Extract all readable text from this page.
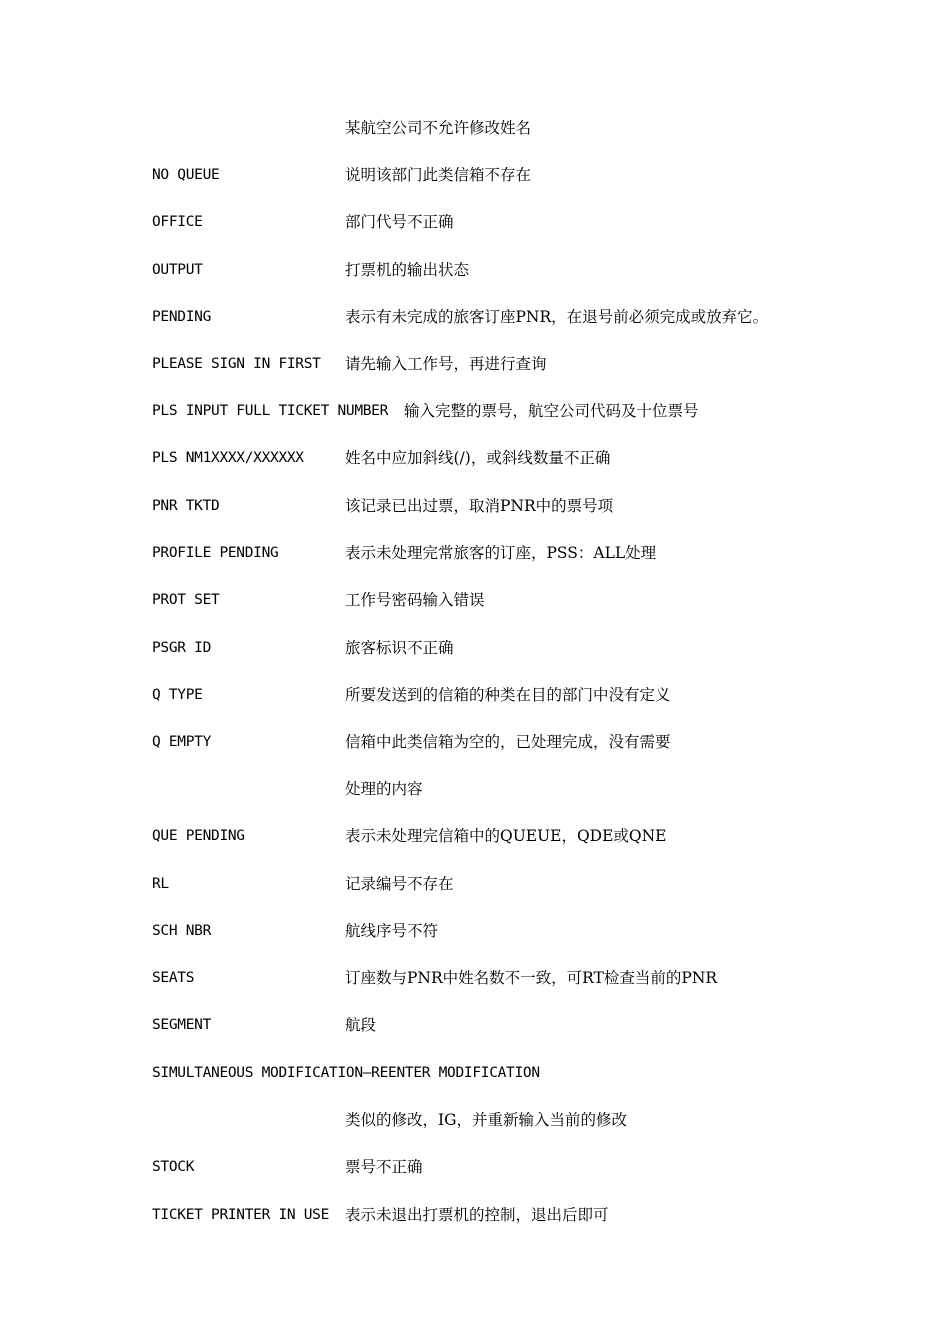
某航空公司不允许修改姓名
NO QUEUE	说明该部门此类信箱不存在
OFFICE	部门代号不正确
OUTPUT	打票机的输出状态
PENDING	表示有未完成的旅客订座PNR，在退号前必须完成或放弃它。
PLEASE SIGN IN FIRST 请先输入工作号，再进行查询
PLS INPUT FULL TICKET NUMBER 输入完整的票号，航空公司代码及十位票号
PLS NM1XXXX/XXXXXX	姓名中应加斜线(/)，或斜线数量不正确
PNR TKTD	该记录已出过票，取消PNR中的票号项
PROFILE PENDING	表示未处理完常旅客的订座，PSS：ALL处理
PROT SET	工作号密码输入错误
PSGR ID	旅客标识不正确
Q TYPE	所要发送到的信箱的种类在目的部门中没有定义
Q EMPTY	信箱中此类信箱为空的，已处理完成，没有需要
处理的内容
QUE PENDING	表示未处理完信箱中的QUEUE，QDE或QNE
RL	记录编号不存在
SCH NBR	航线序号不符
SEATS	订座数与PNR中姓名数不一致，可RT检查当前的PNR
SEGMENT	航段
SIMULTANEOUS MODIFICATION—REENTER MODIFICATION
类似的修改，IG，并重新输入当前的修改
STOCK	票号不正确
TICKET PRINTER IN USE 表示未退出打票机的控制，退出后即可
